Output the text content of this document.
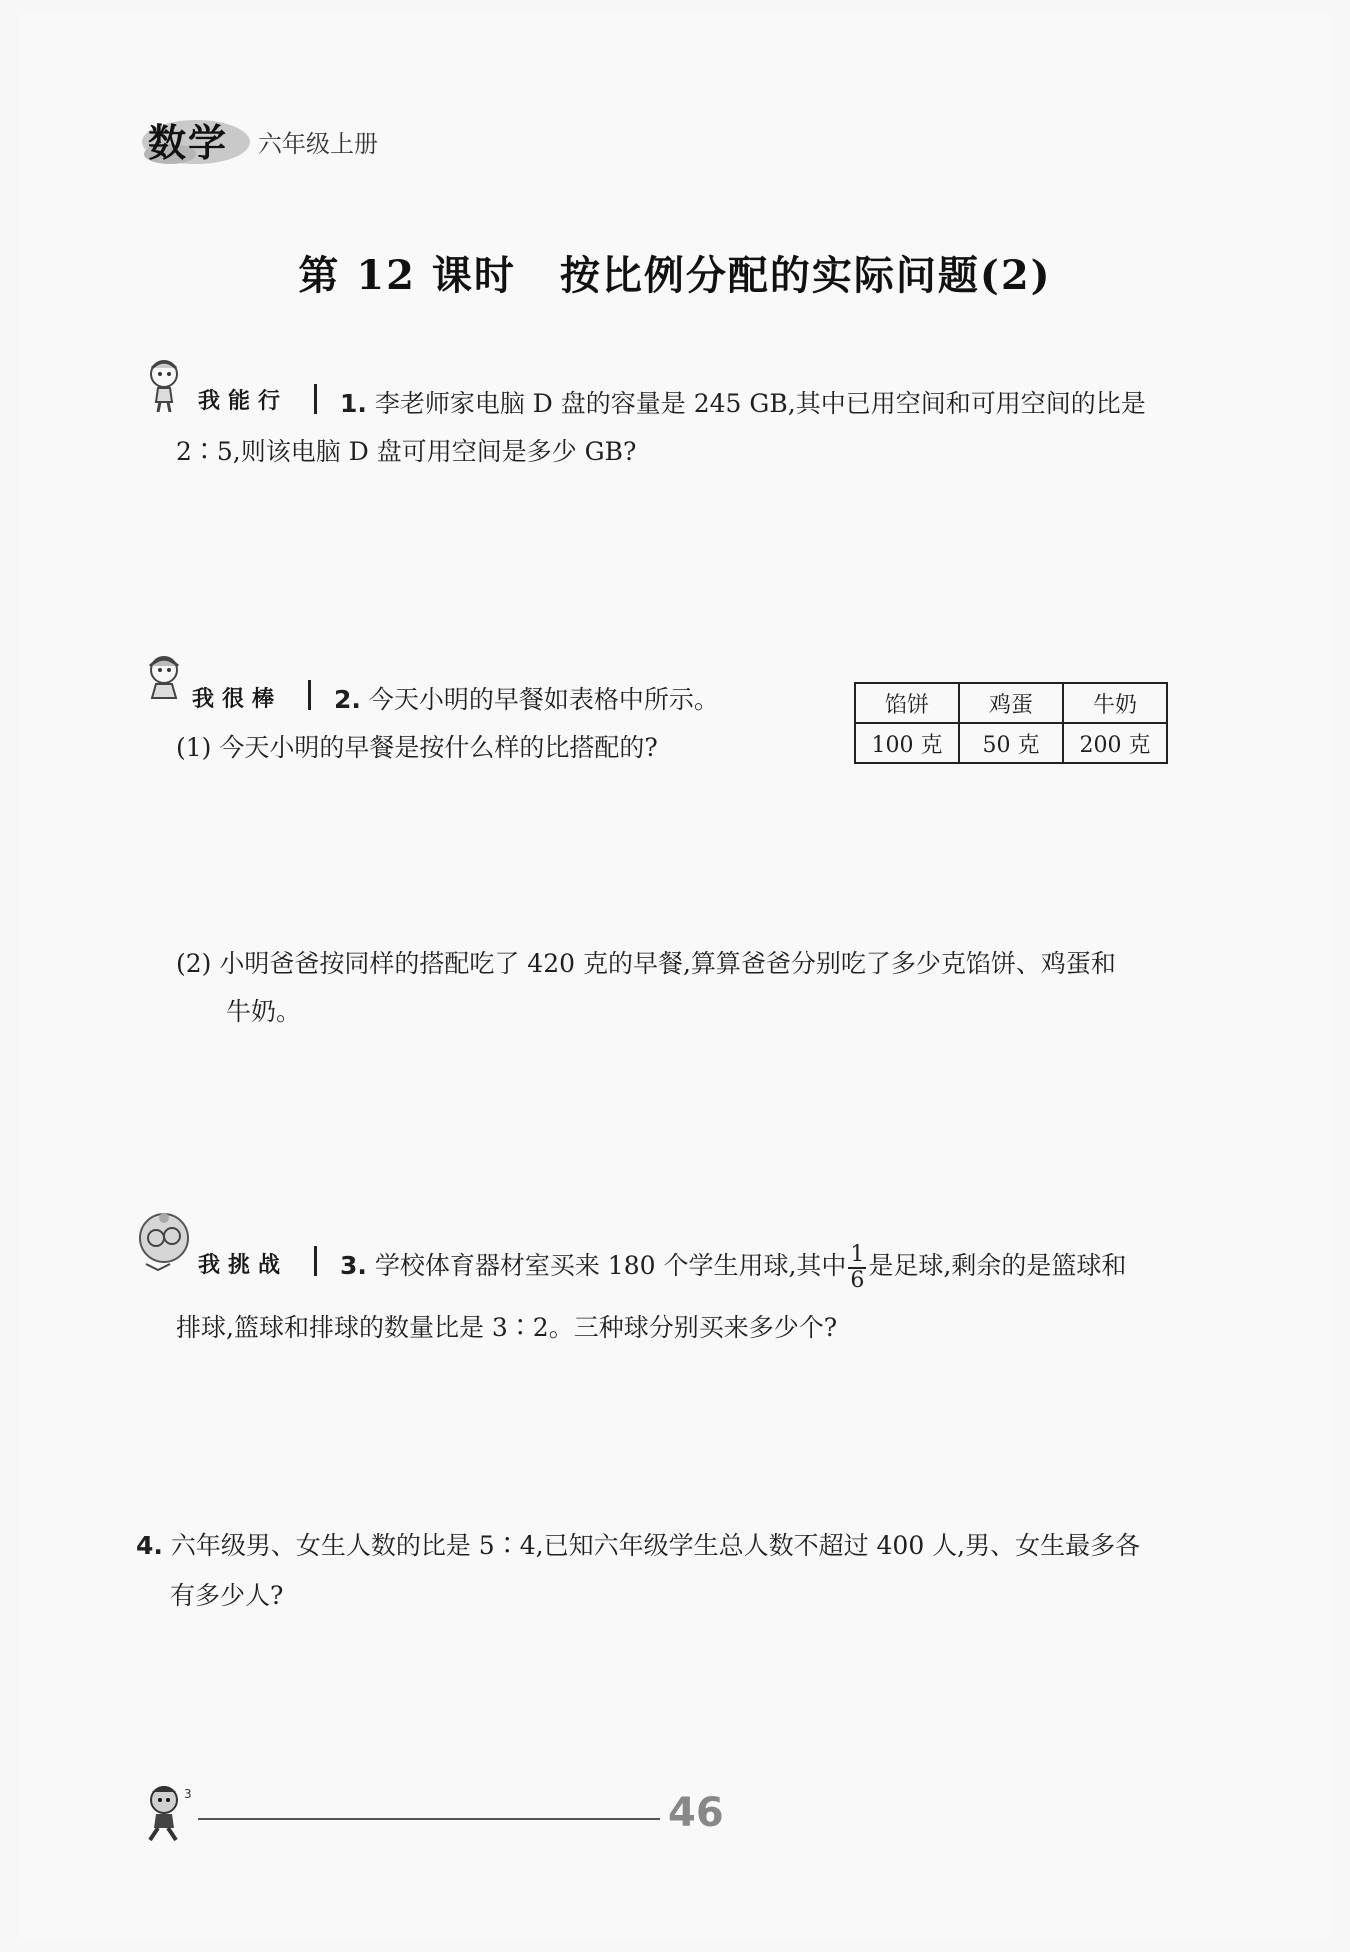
数学 六年级上册
第 12 课时 按比例分配的实际问题(2)
我能行 1. 李老师家电脑 D 盘的容量是 245 GB,其中已用空间和可用空间的比是
2∶5,则该电脑 D 盘可用空间是多少 GB?
我很棒 2. 今天小明的早餐如表格中所示。
(1) 今天小明的早餐是按什么样的比搭配的?
馅饼	鸡蛋	牛奶
100 克	50 克	200 克
(2) 小明爸爸按同样的搭配吃了 420 克的早餐,算算爸爸分别吃了多少克馅饼、鸡蛋和
牛奶。
我挑战 3. 学校体育器材室买来 180 个学生用球,其中 $\frac{1}{6}$ 是足球,剩余的是篮球和
排球,篮球和排球的数量比是 3∶2。三种球分别买来多少个?
4. 六年级男、女生人数的比是 5∶4,已知六年级学生总人数不超过 400 人,男、女生最多各
有多少人?
3	46
